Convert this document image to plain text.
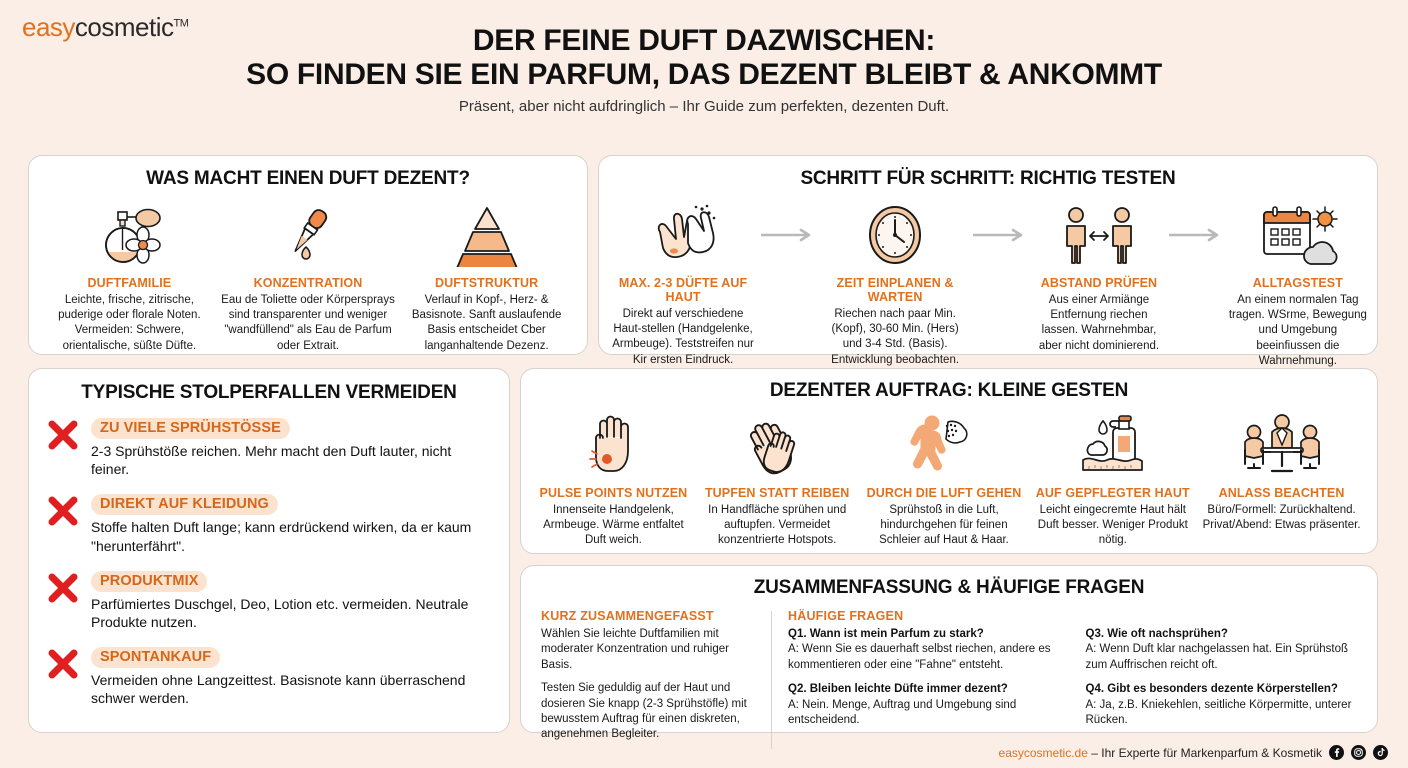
easycosmetic™
DER FEINE DUFT DAZWISCHEN:
SO FINDEN SIE EIN PARFUM, DAS DEZENT BLEIBT & ANKOMMT
Präsent, aber nicht aufdringlich – Ihr Guide zum perfekten, dezenten Duft.
WAS MACHT EINEN DUFT DEZENT?
DUFTFAMILIE
Leichte, frische, zitrische, puderige oder florale Noten. Vermeiden: Schwere, orientalische, süßte Düfte.
KONZENTRATION
Eau de Toliette oder Körpersprays sind transparenter und weniger "wandfüllend" als Eau de Parfum oder Extrait.
DUFTSTRUKTUR
Verlauf in Kopf-, Herz- & Basisnote. Sanft auslaufende Basis entscheidet Cber langanhaltende Dezenz.
SCHRITT FÜR SCHRITT: RICHTIG TESTEN
MAX. 2-3 DÜFTE AUF HAUT
Direkt auf verschiedene Haut-stellen (Handgelenke, Armbeuge). Teststreifen nur Kir ersten Eindruck.
ZEIT EINPLANEN & WARTEN
Riechen nach paar Min. (Kopf), 30-60 Min. (Hers) und 3-4 Std. (Basis). Entwicklung beobachten.
ABSTAND PRÜFEN
Aus einer Armiänge Entfernung riechen lassen. Wahrnehmbar, aber nicht dominierend.
ALLTAGSTEST
An einem normalen Tag tragen. WSrme, Bewegung und Umgebung beeinfiussen die Wahrnehmung.
TYPISCHE STOLPERFALLEN VERMEIDEN
ZU VIELE SPRÜHSTÖSSE
2-3 Sprühstöße reichen. Mehr macht den Duft lauter, nicht feiner.
DIREKT AUF KLEIDUNG
Stoffe halten Duft lange; kann erdrückend wirken, da er kaum "herunterfährt".
PRODUKTMIX
Parfümiertes Duschgel, Deo, Lotion etc. vermeiden. Neutrale Produkte nutzen.
SPONTANKAUF
Vermeiden ohne Langzeittest. Basisnote kann überraschend schwer werden.
DEZENTER AUFTRAG: KLEINE GESTEN
PULSE POINTS NUTZEN
Innenseite Handgelenk, Armbeuge. Wärme entfaltet Duft weich.
TUPFEN STATT REIBEN
In Handfläche sprühen und auftupfen. Vermeidet konzentrierte Hotspots.
DURCH DIE LUFT GEHEN
Sprühstoß in die Luft, hindurchgehen für feinen Schleier auf Haut & Haar.
AUF GEPFLEGTER HAUT
Leicht eingecremte Haut hält Duft besser. Weniger Produkt nötig.
ANLASS BEACHTEN
Büro/Formell: Zurückhaltend. Privat/Abend: Etwas präsenter.
ZUSAMMENFASSUNG & HÄUFIGE FRAGEN
KURZ ZUSAMMENGEFASST
Wählen Sie leichte Duftfamilien mit moderater Konzentration und ruhiger Basis.
Testen Sie geduldig auf der Haut und dosieren Sie knapp (2-3 Sprühstöfle) mit bewusstem Auftrag für einen diskreten, angenehmen Begleiter.
HÄUFIGE FRAGEN
Q1. Wann ist mein Parfum zu stark?
A: Wenn Sie es dauerhaft selbst riechen, andere es kommentieren oder eine "Fahne" entsteht.
Q2. Bleiben leichte Düfte immer dezent?
A: Nein. Menge, Auftrag und Umgebung sind entscheidend.
Q3. Wie oft nachsprühen?
A: Wenn Duft klar nachgelassen hat. Ein Sprühstoß zum Auffrischen reicht oft.
Q4. Gibt es besonders dezente Körperstellen?
A: Ja, z.B. Kniekehlen, seitliche Körpermitte, unterer Rücken.
easycosmetic.de – Ihr Experte für Markenparfum & Kosmetik
